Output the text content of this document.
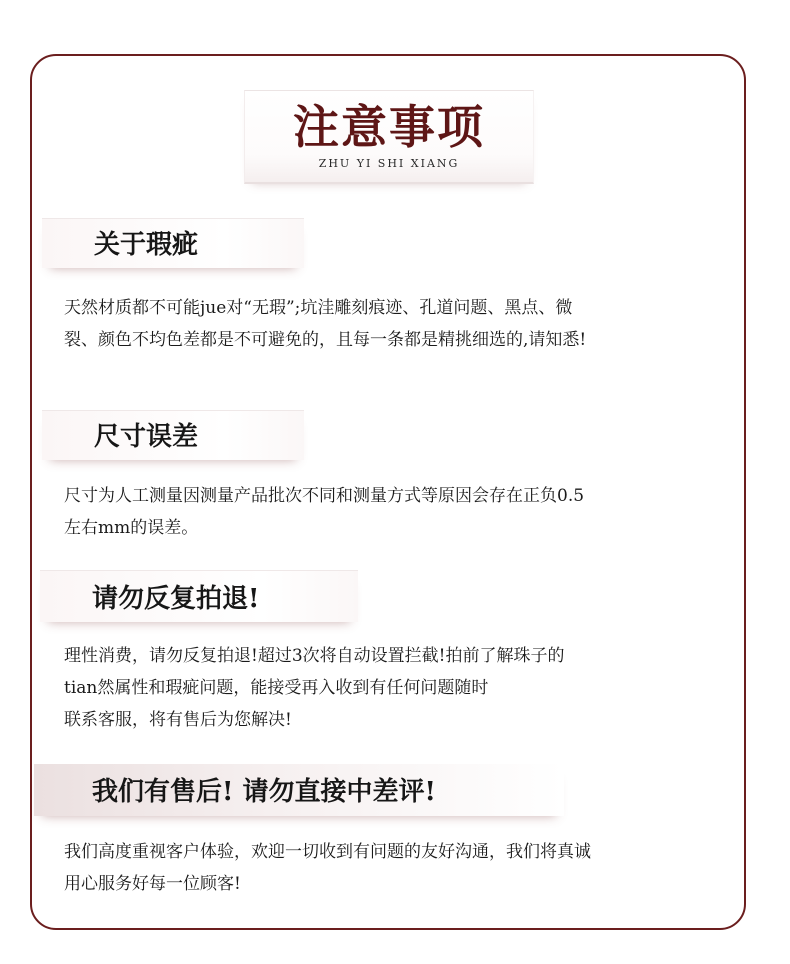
注意事项
ZHU YI SHI XIANG
关于瑕疵
天然材质都不可能jue对“无瑕”;坑洼雕刻痕迹、孔道问题、黑点、微
裂、颜色不均色差都是不可避免的，且每一条都是精挑细选的,请知悉!
尺寸误差
尺寸为人工测量因测量产品批次不同和测量方式等原因会存在正负0.5
左右mm的误差。
请勿反复拍退!
理性消费，请勿反复拍退!超过3次将自动设置拦截!拍前了解珠子的
tian然属性和瑕疵问题，能接受再入收到有任何问题随时
联系客服，将有售后为您解决!
我们有售后! 请勿直接中差评!
我们高度重视客户体验，欢迎一切收到有问题的友好沟通，我们将真诚
用心服务好每一位顾客!
